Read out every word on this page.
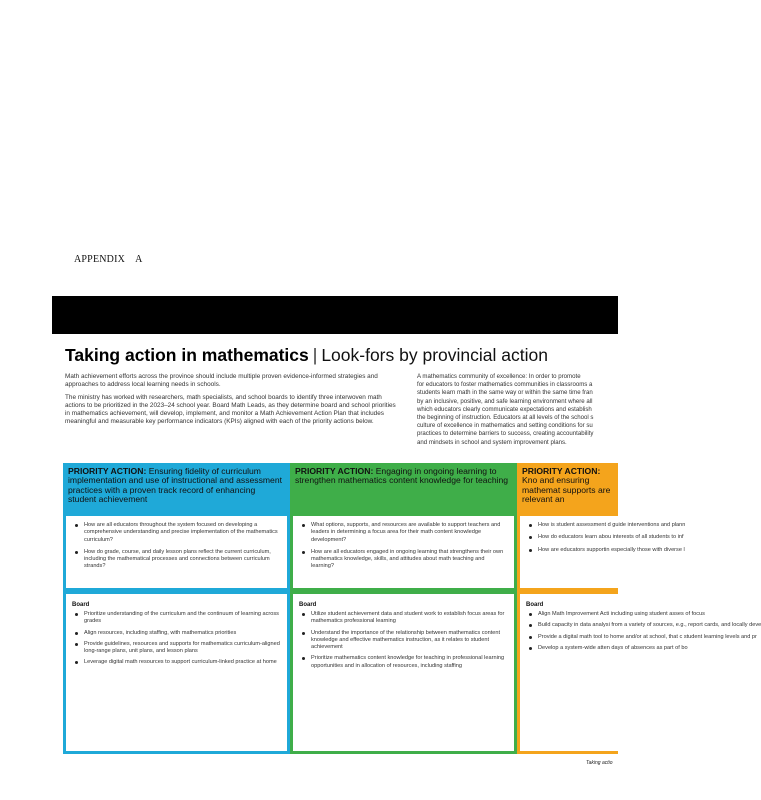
APPENDIX A
Taking action in mathematics | Look-fors by provincial action

Math achievement efforts across the province should include multiple proven evidence-informed strategies and approaches to address local learning needs in schools.

The ministry has worked with researchers, math specialists, and school boards to identify three interwoven math actions to be prioritized in the 2023–24 school year. Board Math Leads, as they determine board and school priorities in mathematics achievement, will develop, implement, and monitor a Math Achievement Action Plan that includes meaningful and measurable key performance indicators (KPIs) aligned with each of the priority actions below.

A mathematics community of excellence: In order to promote
for educators to foster mathematics communities in classrooms a
students learn math in the same way or within the same time fran
by an inclusive, positive, and safe learning environment where all
which educators clearly communicate expectations and establish
the beginning of instruction. Educators at all levels of the school s
culture of excellence in mathematics and setting conditions for su
practices to determine barriers to success, creating accountability
and mindsets in school and system improvement plans.
PRIORITY ACTION: Ensuring fidelity of curriculum implementation and use of instructional and assessment practices with a proven track record of enhancing student achievement
How are all educators throughout the system focused on developing a comprehensive understanding and precise implementation of the mathematics curriculum?
How do grade, course, and daily lesson plans reflect the current curriculum, including the mathematical processes and connections between curriculum strands?
Board
Prioritize understanding of the curriculum and the continuum of learning across grades
Align resources, including staffing, with mathematics priorities
Provide guidelines, resources and supports for mathematics curriculum-aligned long-range plans, unit plans, and lesson plans
Leverage digital math resources to support curriculum-linked practice at home
PRIORITY ACTION: Engaging in ongoing learning to strengthen mathematics content knowledge for teaching
What options, supports, and resources are available to support teachers and leaders in determining a focus area for their math content knowledge development?
How are all educators engaged in ongoing learning that strengthens their own mathematics knowledge, skills, and attitudes about math teaching and learning?
Board
Utilize student achievement data and student work to establish focus areas for mathematics professional learning
Understand the importance of the relationship between mathematics content knowledge and effective mathematics instruction, as it relates to student achievement
Prioritize mathematics content knowledge for teaching in professional learning opportunities and in allocation of resources, including staffing
PRIORITY ACTION: Kno and ensuring mathemat supports are relevant an
How is student assessment d guide interventions and plann
How do educators learn abou interests of all students to inf
How are educators supportin especially those with diverse l
Board
Align Math Improvement Acti including using student asses of focus
Build capacity in data analysi from a variety of sources, e.g., report cards, and locally deve
Provide a digital math tool to home and/or at school, that c student learning levels and pr
Develop a system-wide atten days of absences as part of bo
Taking actio
